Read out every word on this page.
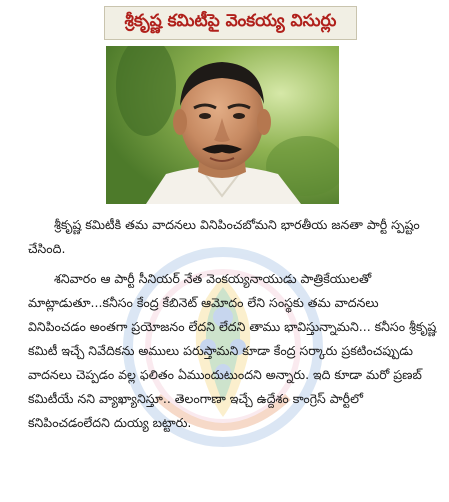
శ్రీకృష్ణ కమిటీపై వెంకయ్య విసుర్లు

శ్రీకృష్ణ కమిటీకి తమ వాదనలు వినిపించబోమని భారతీయ జనతా పార్టీ స్పష్టం చేసింది.

శనివారం ఆ పార్టీ సీనియర్ నేత వెంకయ్యనాయుడు పాత్రికేయులతో మాట్లాడుతూ...కనీసం కేంద్ర కేబినెట్ ఆమోదం లేని సంస్థకు తమ వాదనలు వినిపించడం అంతగా ప్రయోజనం లేదని లేదని తాము భావిస్తున్నామని... కనీసం శ్రీకృష్ణ కమిటీ ఇచ్చే నివేదికను అములు పరుస్తామని కూడా కేంద్ర సర్కారు ప్రకటించప్పుడు వాదనలు చెప్పడం వల్ల ఫలితం ఏముందుటుందని అన్నారు. ఇది కూడా మరో ప్రణబ్ కమిటీయే నని వ్యాఖ్యానిస్తూ.. తెలంగాణా ఇచ్చే ఉద్దేశం కాంగ్రెస్ పార్టీలో కనిపించడంలేదని దుయ్య బట్టారు.
